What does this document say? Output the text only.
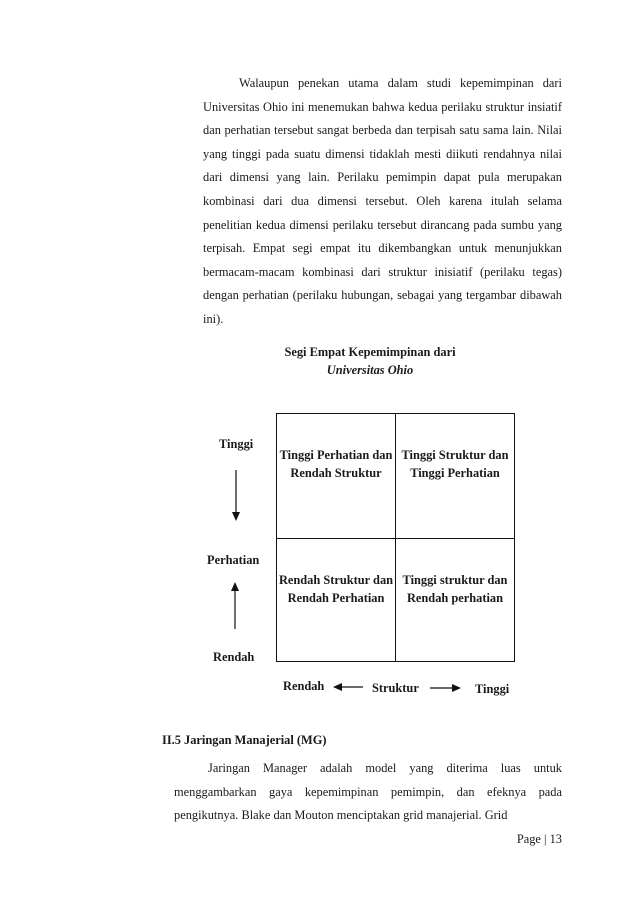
Walaupun penekan utama dalam studi kepemimpinan dari Universitas Ohio ini menemukan bahwa kedua perilaku struktur insiatif dan perhatian tersebut sangat berbeda dan terpisah satu sama lain. Nilai yang tinggi pada suatu dimensi tidaklah mesti diikuti rendahnya nilai dari dimensi yang lain. Perilaku pemimpin dapat pula merupakan kombinasi dari dua dimensi tersebut. Oleh karena itulah selama penelitian kedua dimensi perilaku tersebut dirancang pada sumbu yang terpisah. Empat segi empat itu dikembangkan untuk menunjukkan bermacam-macam kombinasi dari struktur inisiatif (perilaku tegas) dengan perhatian (perilaku hubungan, sebagai yang tergambar dibawah ini).

Segi Empat Kepemimpinan dari
Universitas Ohio
Tinggi
Perhatian
Rendah
Tinggi Perhatian dan Rendah Struktur
Tinggi Struktur dan Tinggi Perhatian
Rendah Struktur dan Rendah Perhatian
Tinggi struktur dan Rendah perhatian
Rendah	Struktur	Tinggi
II.5 Jaringan Manajerial (MG)

Jaringan Manager adalah model yang diterima luas untuk menggambarkan gaya kepemimpinan pemimpin, dan efeknya pada pengikutnya. Blake dan Mouton menciptakan grid manajerial. Grid

Page | 13
